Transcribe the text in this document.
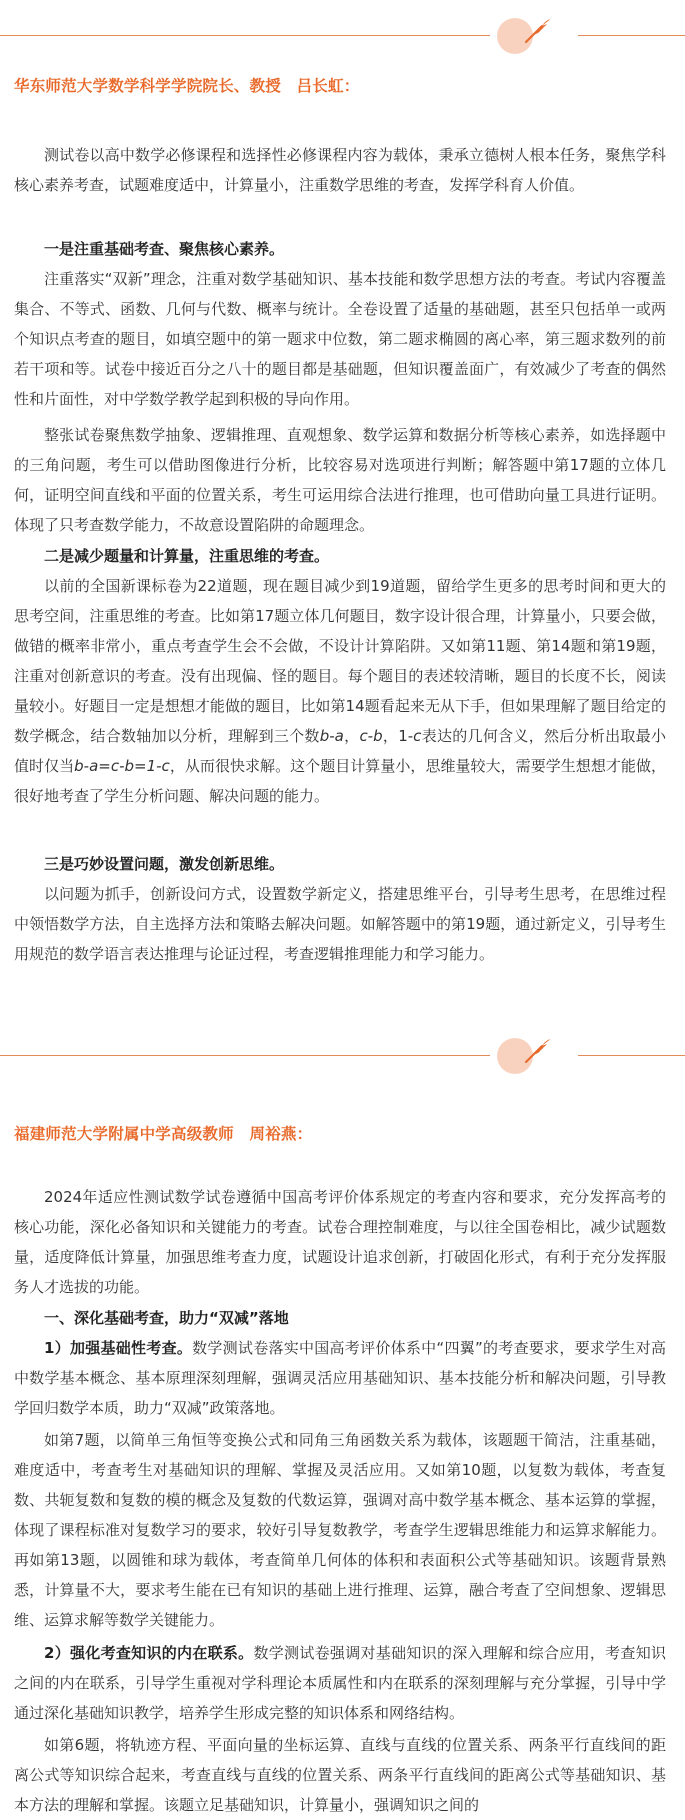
华东师范大学数学科学学院院长、教授　吕长虹：

测试卷以高中数学必修课程和选择性必修课程内容为载体，秉承立德树人根本任务，聚焦学科核心素养考查，试题难度适中，计算量小，注重数学思维的考查，发挥学科育人价值。

一是注重基础考查、聚焦核心素养。

注重落实“双新”理念，注重对数学基础知识、基本技能和数学思想方法的考查。考试内容覆盖集合、不等式、函数、几何与代数、概率与统计。全卷设置了适量的基础题，甚至只包括单一或两个知识点考查的题目，如填空题中的第一题求中位数，第二题求椭圆的离心率，第三题求数列的前若干项和等。试卷中接近百分之八十的题目都是基础题，但知识覆盖面广，有效减少了考查的偶然性和片面性，对中学数学教学起到积极的导向作用。

整张试卷聚焦数学抽象、逻辑推理、直观想象、数学运算和数据分析等核心素养，如选择题中的三角问题，考生可以借助图像进行分析，比较容易对选项进行判断；解答题中第17题的立体几何，证明空间直线和平面的位置关系，考生可运用综合法进行推理，也可借助向量工具进行证明。体现了只考查数学能力，不故意设置陷阱的命题理念。

二是减少题量和计算量，注重思维的考查。

以前的全国新课标卷为22道题，现在题目减少到19道题，留给学生更多的思考时间和更大的思考空间，注重思维的考查。比如第17题立体几何题目，数字设计很合理，计算量小，只要会做，做错的概率非常小，重点考查学生会不会做，不设计计算陷阱。又如第11题、第14题和第19题，注重对创新意识的考查。没有出现偏、怪的题目。每个题目的表述较清晰，题目的长度不长，阅读量较小。好题目一定是想想才能做的题目，比如第14题看起来无从下手，但如果理解了题目给定的数学概念，结合数轴加以分析，理解到三个数b-a，c-b，1-c表达的几何含义，然后分析出取最小值时仅当b-a=c-b=1-c，从而很快求解。这个题目计算量小，思维量较大，需要学生想想才能做，很好地考查了学生分析问题、解决问题的能力。

三是巧妙设置问题，激发创新思维。

以问题为抓手，创新设问方式，设置数学新定义，搭建思维平台，引导考生思考，在思维过程中领悟数学方法，自主选择方法和策略去解决问题。如解答题中的第19题，通过新定义，引导考生用规范的数学语言表达推理与论证过程，考查逻辑推理能力和学习能力。

福建师范大学附属中学高级教师　周裕燕：

2024年适应性测试数学试卷遵循中国高考评价体系规定的考查内容和要求，充分发挥高考的核心功能，深化必备知识和关键能力的考查。试卷合理控制难度，与以往全国卷相比，减少试题数量，适度降低计算量，加强思维考查力度，试题设计追求创新，打破固化形式，有利于充分发挥服务人才选拔的功能。

一、深化基础考查，助力“双减”落地

1）加强基础性考查。数学测试卷落实中国高考评价体系中“四翼”的考查要求，要求学生对高中数学基本概念、基本原理深刻理解，强调灵活应用基础知识、基本技能分析和解决问题，引导教学回归数学本质，助力“双减”政策落地。

如第7题，以简单三角恒等变换公式和同角三角函数关系为载体，该题题干简洁，注重基础，难度适中，考查考生对基础知识的理解、掌握及灵活应用。又如第10题，以复数为载体，考查复数、共轭复数和复数的模的概念及复数的代数运算，强调对高中数学基本概念、基本运算的掌握，体现了课程标准对复数学习的要求，较好引导复数教学，考查学生逻辑思维能力和运算求解能力。再如第13题，以圆锥和球为载体，考查简单几何体的体积和表面积公式等基础知识。该题背景熟悉，计算量不大，要求考生能在已有知识的基础上进行推理、运算，融合考查了空间想象、逻辑思维、运算求解等数学关键能力。

2）强化考查知识的内在联系。数学测试卷强调对基础知识的深入理解和综合应用，考查知识之间的内在联系，引导学生重视对学科理论本质属性和内在联系的深刻理解与充分掌握，引导中学通过深化基础知识教学，培养学生形成完整的知识体系和网络结构。

如第6题，将轨迹方程、平面向量的坐标运算、直线与直线的位置关系、两条平行直线间的距离公式等知识综合起来，考查直线与直线的位置关系、两条平行直线间的距离公式等基础知识、基本方法的理解和掌握。该题立足基础知识，计算量小，强调知识之间的
